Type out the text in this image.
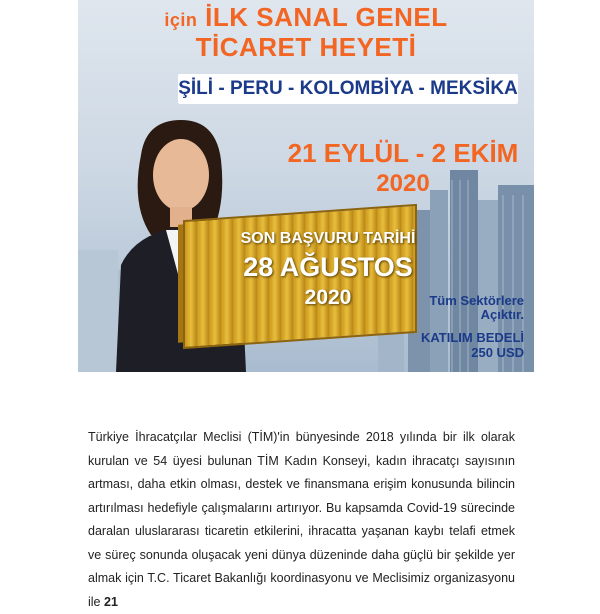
için İLK SANAL GENEL
TİCARET HEYETİ
ŞİLİ - PERU - KOLOMBİYA - MEKSİKA
21 EYLÜL - 2 EKİM
2020
SON BAŞVURU TARİHİ
28 AĞUSTOS
2020	Tüm Sektörlere Açıktır.
KATILIM BEDELİ
250 USD

Türkiye İhracatçılar Meclisi (TİM)'in bünyesinde 2018 yılında bir ilk olarak kurulan ve 54 üyesi bulunan TİM Kadın Konseyi, kadın ihracatçı sayısının artması, daha etkin olması, destek ve finansmana erişim konusunda bilincin artırılması hedefiyle çalışmalarını artırıyor. Bu kapsamda Covid-19 sürecinde daralan uluslararası ticaretin etkilerini, ihracatta yaşanan kaybı telafi etmek ve süreç sonunda oluşacak yeni dünya düzeninde daha güçlü bir şekilde yer almak için T.C. Ticaret Bakanlığı koordinasyonu ve Meclisimiz organizasyonu ile 21
